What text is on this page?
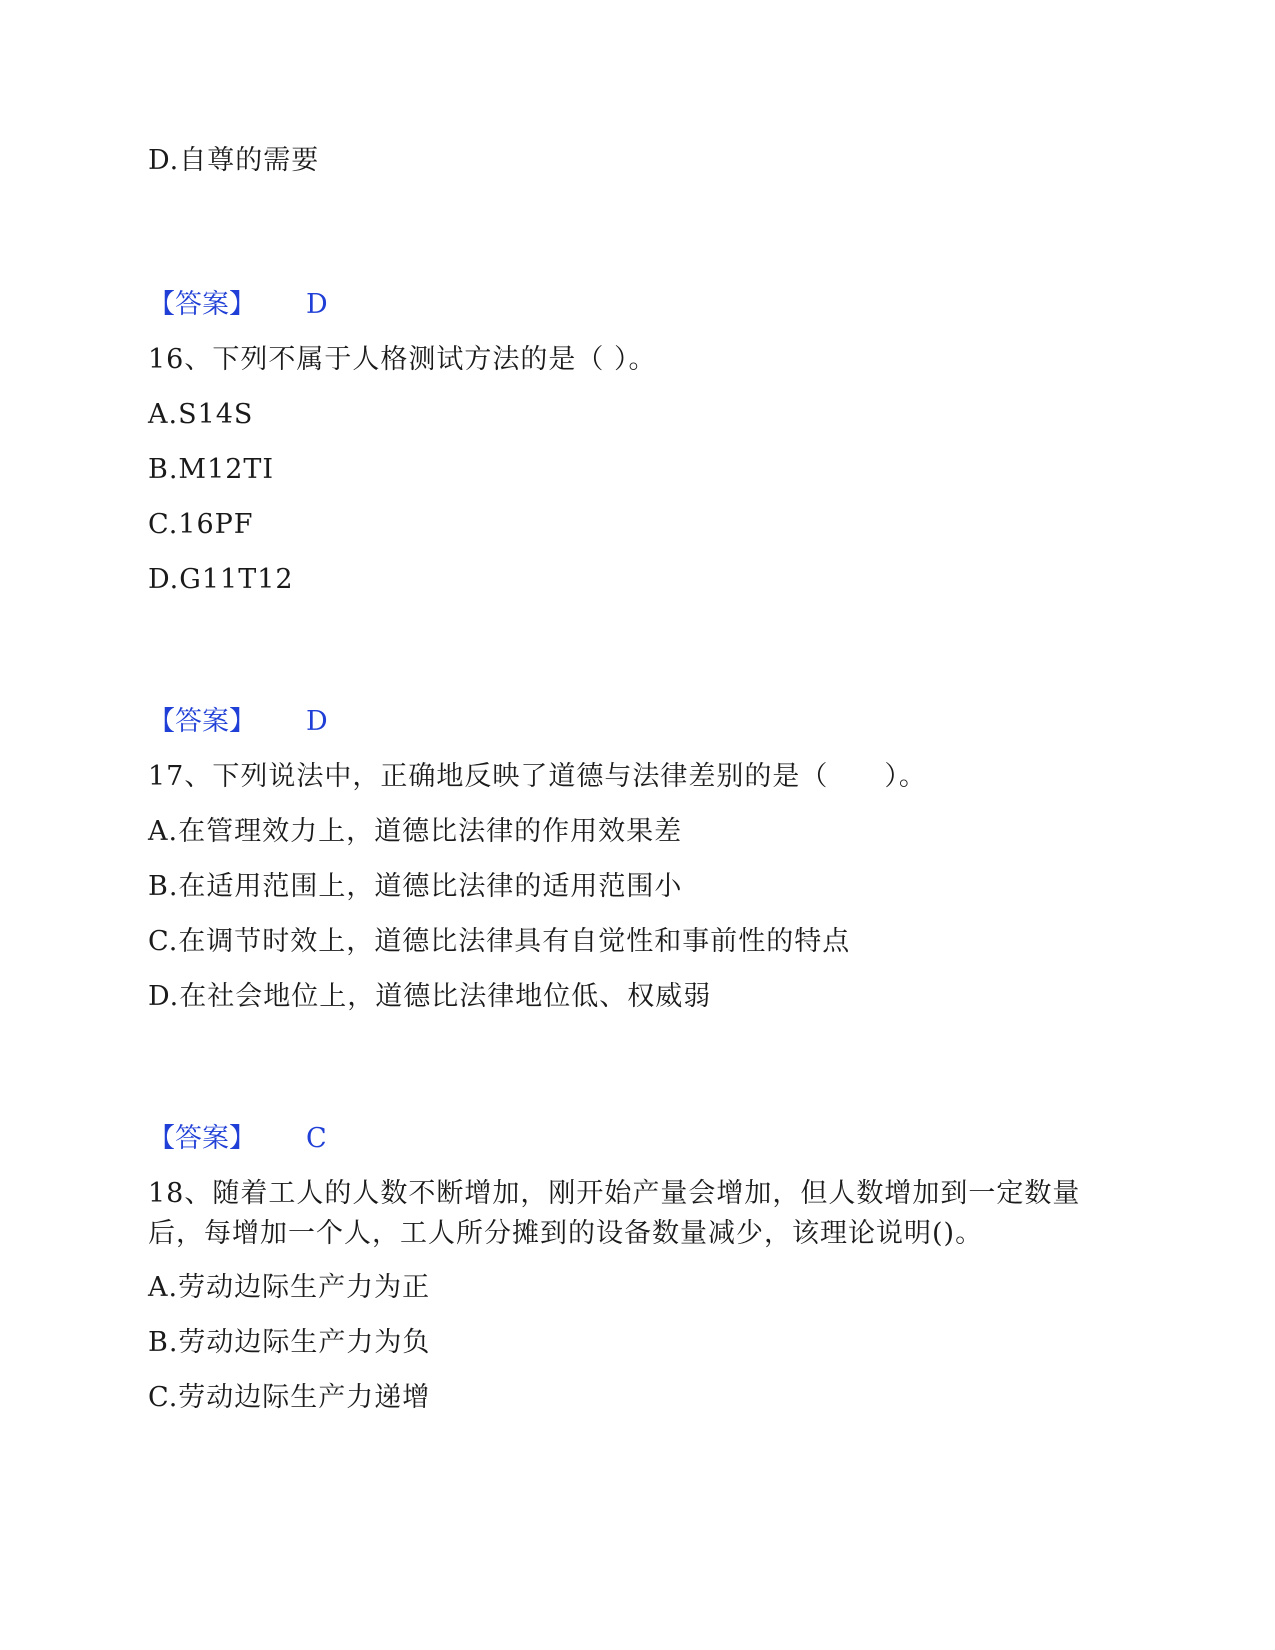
D.自尊的需要
【答案】 D
16、下列不属于人格测试方法的是（ ）。
A.S14S
B.M12TI
C.16PF
D.G11T12
【答案】 D
17、下列说法中，正确地反映了道德与法律差别的是（　　）。
A.在管理效力上，道德比法律的作用效果差
B.在适用范围上，道德比法律的适用范围小
C.在调节时效上，道德比法律具有自觉性和事前性的特点
D.在社会地位上，道德比法律地位低、权威弱
【答案】 C
18、随着工人的人数不断增加，刚开始产量会增加，但人数增加到一定数量
后，每增加一个人，工人所分摊到的设备数量减少，该理论说明()。
A.劳动边际生产力为正
B.劳动边际生产力为负
C.劳动边际生产力递增
